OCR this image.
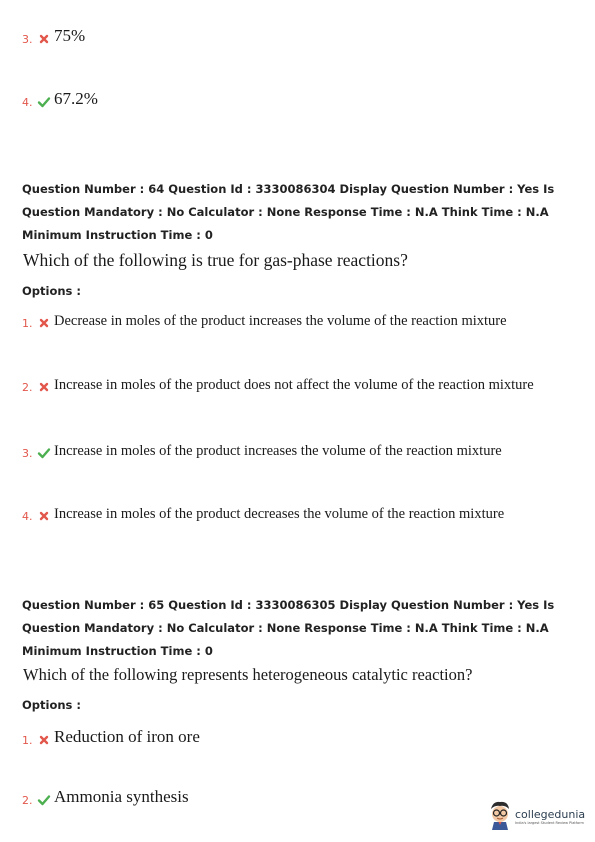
3. 75%
4. 67.2%
Question Number : 64 Question Id : 3330086304 Display Question Number : Yes Is Question Mandatory : No Calculator : None Response Time : N.A Think Time : N.A Minimum Instruction Time : 0
Which of the following is true for gas-phase reactions?
Options :
1.	Decrease in moles of the product increases the volume of the reaction mixture
2.	Increase in moles of the product does not affect the volume of the reaction mixture
3.	Increase in moles of the product increases the volume of the reaction mixture
4.	Increase in moles of the product decreases the volume of the reaction mixture
Question Number : 65 Question Id : 3330086305 Display Question Number : Yes Is Question Mandatory : No Calculator : None Response Time : N.A Think Time : N.A Minimum Instruction Time : 0
Which of the following represents heterogeneous catalytic reaction?
Options :
1. Reduction of iron ore
2. Ammonia synthesis
collegedunia
India's largest Student Review Platform
